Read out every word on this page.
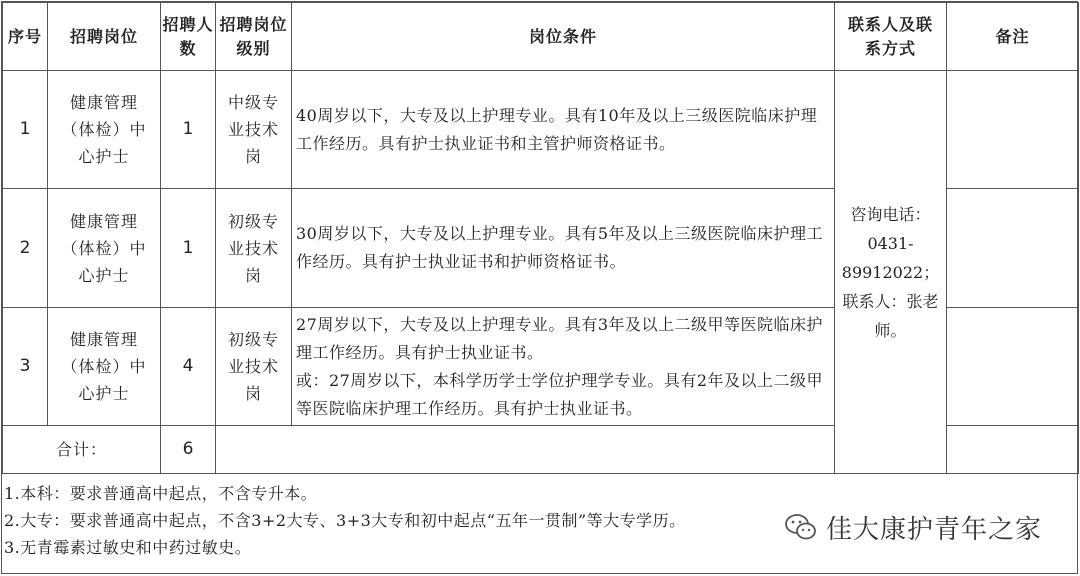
序号	招聘岗位	招聘人数	招聘岗位级别	岗位条件	联系人及联系方式	备注
1	健康管理（体检）中心护士	1	中级专业技术岗	40周岁以下，大专及以上护理专业。具有10年及以上三级医院临床护理工作经历。具有护士执业证书和主管护师资格证书。	咨询电话：0431-89912022；联系人：张老师。	
2	健康管理（体检）中心护士	1	初级专业技术岗	30周岁以下，大专及以上护理专业。具有5年及以上三级医院临床护理工作经历。具有护士执业证书和护师资格证书。		
3	健康管理（体检）中心护士	4	初级专业技术岗	27周岁以下，大专及以上护理专业。具有3年及以上二级甲等医院临床护理工作经历。具有护士执业证书。
或：27周岁以下，本科学历学士学位护理学专业。具有2年及以上二级甲等医院临床护理工作经历。具有护士执业证书。		
合计：		6				
1.本科：要求普通高中起点，不含专升本。
2.大专：要求普通高中起点，不含3+2大专、3+3大专和初中起点“五年一贯制”等大专学历。
3.无青霉素过敏史和中药过敏史。
佳大康护青年之家
